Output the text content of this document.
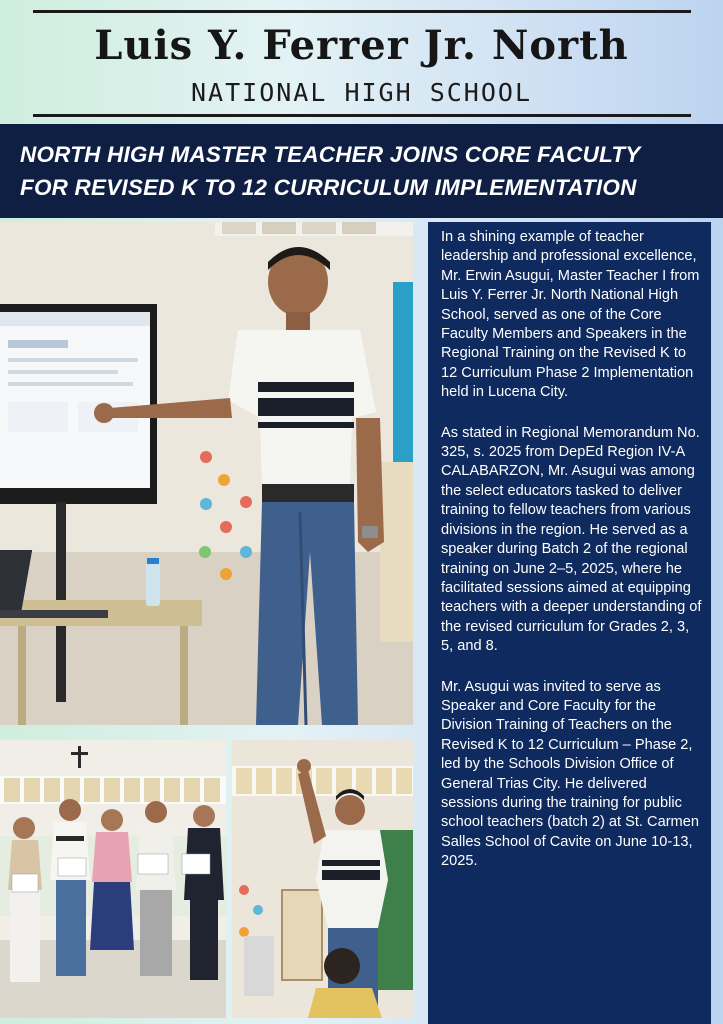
Luis Y. Ferrer Jr. North
NATIONAL HIGH SCHOOL
NORTH HIGH MASTER TEACHER JOINS CORE FACULTY
FOR REVISED K TO 12 CURRICULUM IMPLEMENTATION

In a shining example of teacher leadership and professional excellence, Mr. Erwin Asugui, Master Teacher I from Luis Y. Ferrer Jr. North National High School, served as one of the Core Faculty Members and Speakers in the Regional Training on the Revised K to 12 Curriculum Phase 2 Implementation held in Lucena City.

As stated in Regional Memorandum No. 325, s. 2025 from DepEd Region IV-A CALABARZON, Mr. Asugui was among the select educators tasked to deliver training to fellow teachers from various divisions in the region. He served as a speaker during Batch 2 of the regional training on June 2–5, 2025, where he facilitated sessions aimed at equipping teachers with a deeper understanding of the revised curriculum for Grades 2, 3, 5, and 8.

Mr. Asugui was invited to serve as Speaker and Core Faculty for the Division Training of Teachers on the Revised K to 12 Curriculum – Phase 2, led by the Schools Division Office of General Trias City. He delivered sessions during the training for public school teachers (batch 2) at St. Carmen Salles School of Cavite on June 10-13, 2025.
